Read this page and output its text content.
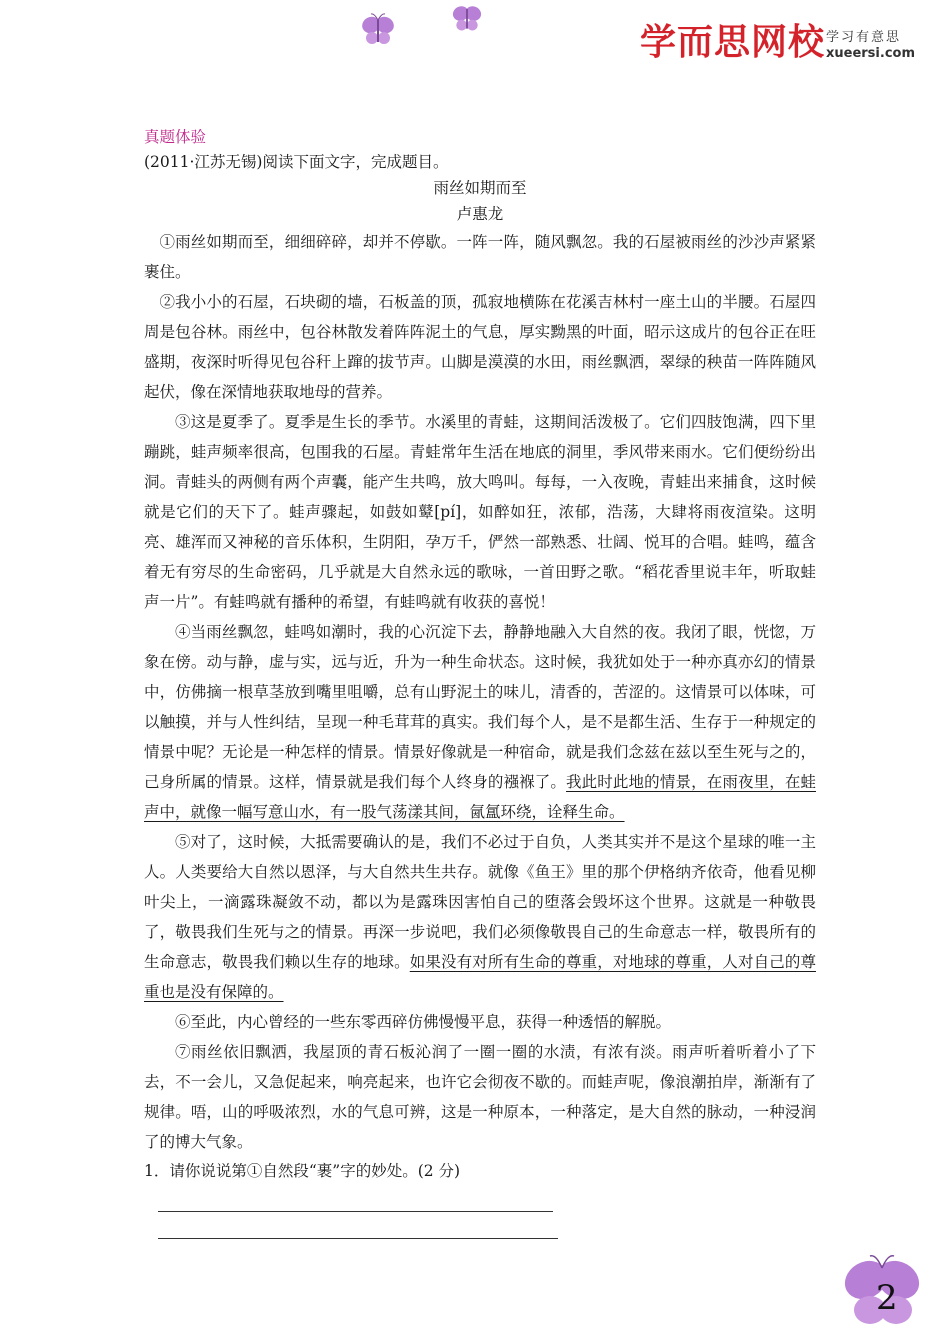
学而思网校 学习有意思
xueersi.com
真题体验

(2011·江苏无锡)阅读下面文字，完成题目。

雨丝如期而至
卢惠龙

①雨丝如期而至，细细碎碎，却并不停歇。一阵一阵，随风飘忽。我的石屋被雨丝的沙沙声紧紧裹住。

②我小小的石屋，石块砌的墙，石板盖的顶，孤寂地横陈在花溪吉林村一座土山的半腰。石屋四周是包谷林。雨丝中，包谷林散发着阵阵泥土的气息，厚实黝黑的叶面，昭示这成片的包谷正在旺盛期，夜深时听得见包谷秆上蹿的拔节声。山脚是漠漠的水田，雨丝飘洒，翠绿的秧苗一阵阵随风起伏，像在深情地获取地母的营养。

③这是夏季了。夏季是生长的季节。水溪里的青蛙，这期间活泼极了。它们四肢饱满，四下里蹦跳，蛙声频率很高，包围我的石屋。青蛙常年生活在地底的洞里，季风带来雨水。它们便纷纷出洞。青蛙头的两侧有两个声囊，能产生共鸣，放大鸣叫。每每，一入夜晚，青蛙出来捕食，这时候就是它们的天下了。蛙声骤起，如鼓如鼙[pí]，如醉如狂，浓郁，浩荡，大肆将雨夜渲染。这明亮、雄浑而又神秘的音乐体积，生阴阳，孕万千，俨然一部熟悉、壮阔、悦耳的合唱。蛙鸣，蕴含着无有穷尽的生命密码，几乎就是大自然永远的歌咏，一首田野之歌。“稻花香里说丰年，听取蛙声一片”。有蛙鸣就有播种的希望，有蛙鸣就有收获的喜悦！

④当雨丝飘忽，蛙鸣如潮时，我的心沉淀下去，静静地融入大自然的夜。我闭了眼，恍惚，万象在傍。动与静，虚与实，远与近，升为一种生命状态。这时候，我犹如处于一种亦真亦幻的情景中，仿佛摘一根草茎放到嘴里咀嚼，总有山野泥土的味儿，清香的，苦涩的。这情景可以体味，可以触摸，并与人性纠结，呈现一种毛茸茸的真实。我们每个人，是不是都生活、生存于一种规定的情景中呢？无论是一种怎样的情景。情景好像就是一种宿命，就是我们念兹在兹以至生死与之的，己身所属的情景。这样，情景就是我们每个人终身的襁褓了。我此时此地的情景，在雨夜里，在蛙声中，就像一幅写意山水，有一股气荡漾其间，氤氲环绕，诠释生命。

⑤对了，这时候，大抵需要确认的是，我们不必过于自负，人类其实并不是这个星球的唯一主人。人类要给大自然以恩泽，与大自然共生共存。就像《鱼王》里的那个伊格纳齐依奇，他看见柳叶尖上，一滴露珠凝敛不动，都以为是露珠因害怕自己的堕落会毁坏这个世界。这就是一种敬畏了，敬畏我们生死与之的情景。再深一步说吧，我们必须像敬畏自己的生命意志一样，敬畏所有的生命意志，敬畏我们赖以生存的地球。如果没有对所有生命的尊重，对地球的尊重，人对自己的尊重也是没有保障的。

⑥至此，内心曾经的一些东零西碎仿佛慢慢平息，获得一种透悟的解脱。

⑦雨丝依旧飘洒，我屋顶的青石板沁润了一圈一圈的水渍，有浓有淡。雨声听着听着小了下去，不一会儿，又急促起来，响亮起来，也许它会彻夜不歇的。而蛙声呢，像浪潮拍岸，渐渐有了规律。唔，山的呼吸浓烈，水的气息可辨，这是一种原本，一种落定，是大自然的脉动，一种浸润了的博大气象。

1．请你说说第①自然段“裹”字的妙处。(2 分)

2
